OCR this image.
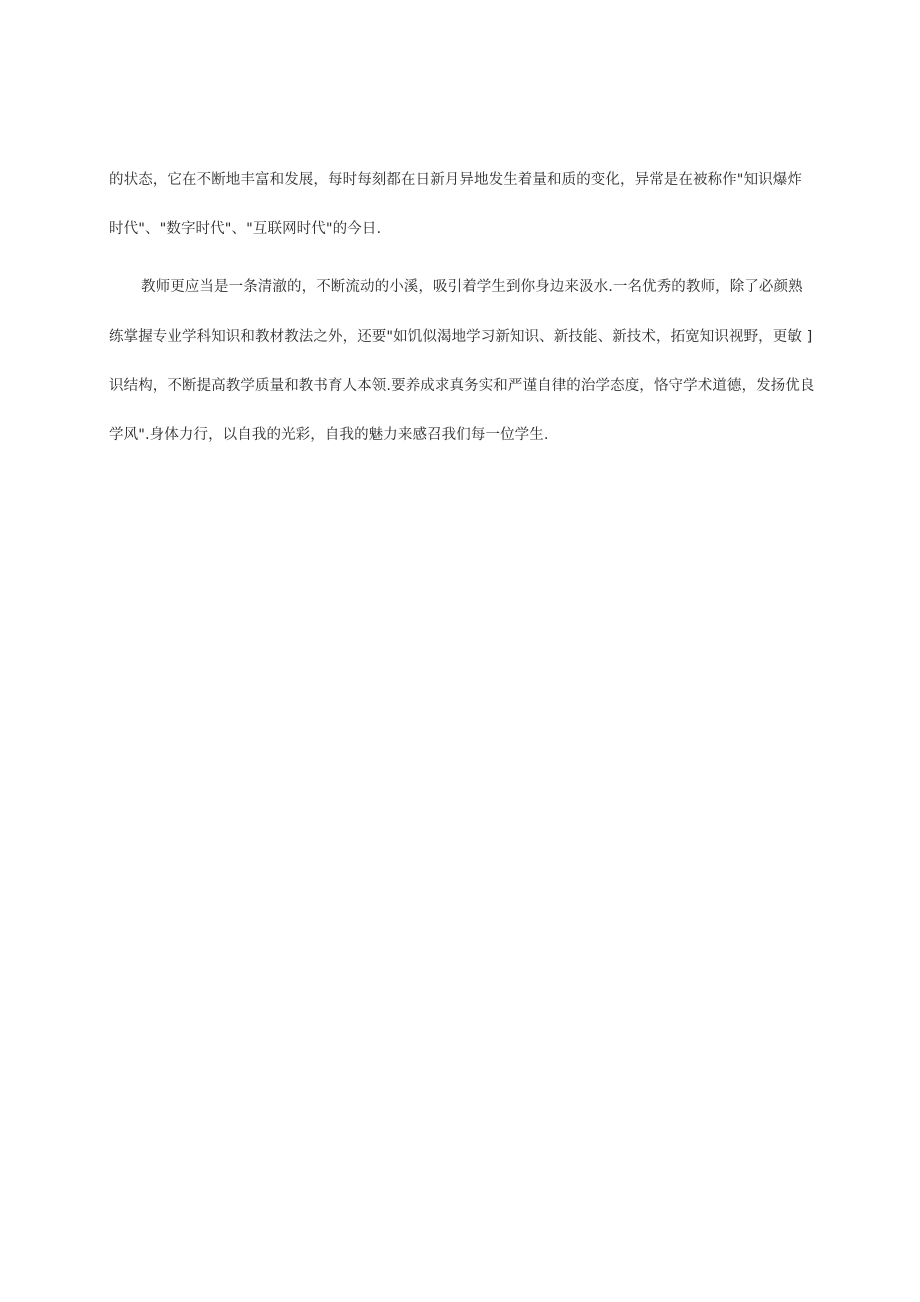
的状态，它在不断地丰富和发展，每时每刻都在日新月异地发生着量和质的变化，异常是在被称作"知识爆炸
时代"、"数字时代"、"互联网时代"的今日.
教师更应当是一条清澈的，不断流动的小溪，吸引着学生到你身边来汲水.一名优秀的教师，除了必颜熟
练掌握专业学科知识和教材教法之外，还要"如饥似渴地学习新知识、新技能、新技术，拓宽知识视野，更敏 ]
识结构，不断提高教学质量和教书育人本领.要养成求真务实和严谨自律的治学态度，恪守学术道德，发扬优良
学风".身体力行，以自我的光彩，自我的魅力来感召我们每一位学生.
